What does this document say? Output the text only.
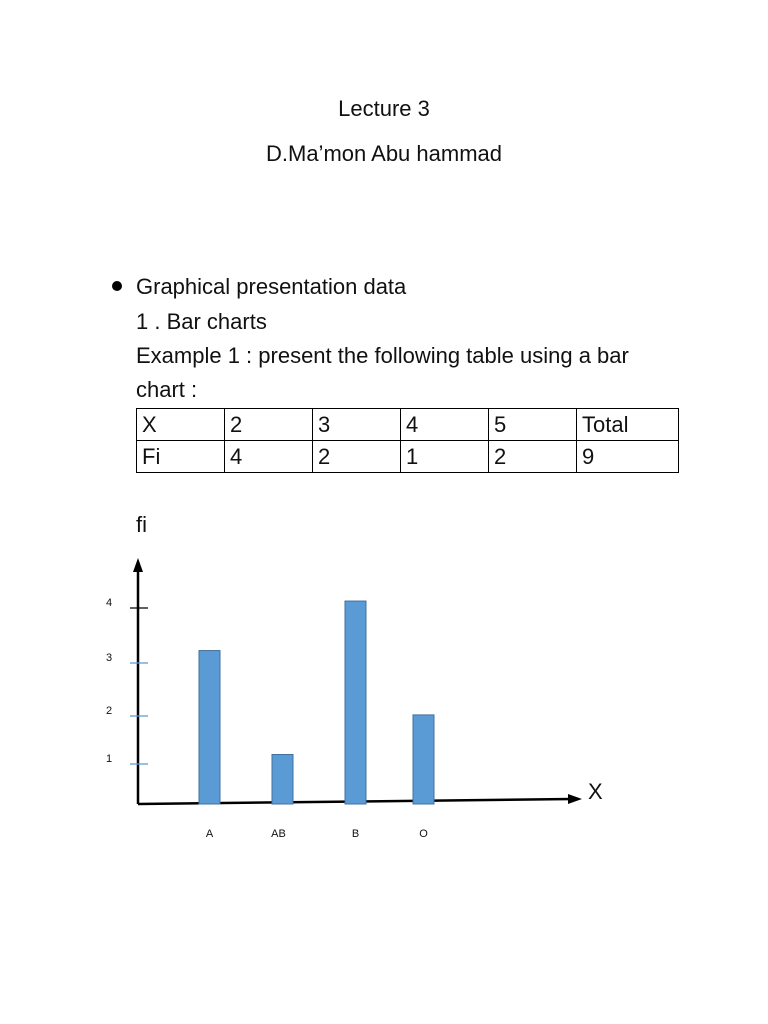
Lecture 3
D.Ma’mon Abu hammad
Graphical presentation data
1 . Bar charts
Example 1 : present the following table using a bar
chart :
X	2	3	4	5	Total
Fi	4	2	1	2	9
fi
X
1
2
3
4
A	AB	B	O
